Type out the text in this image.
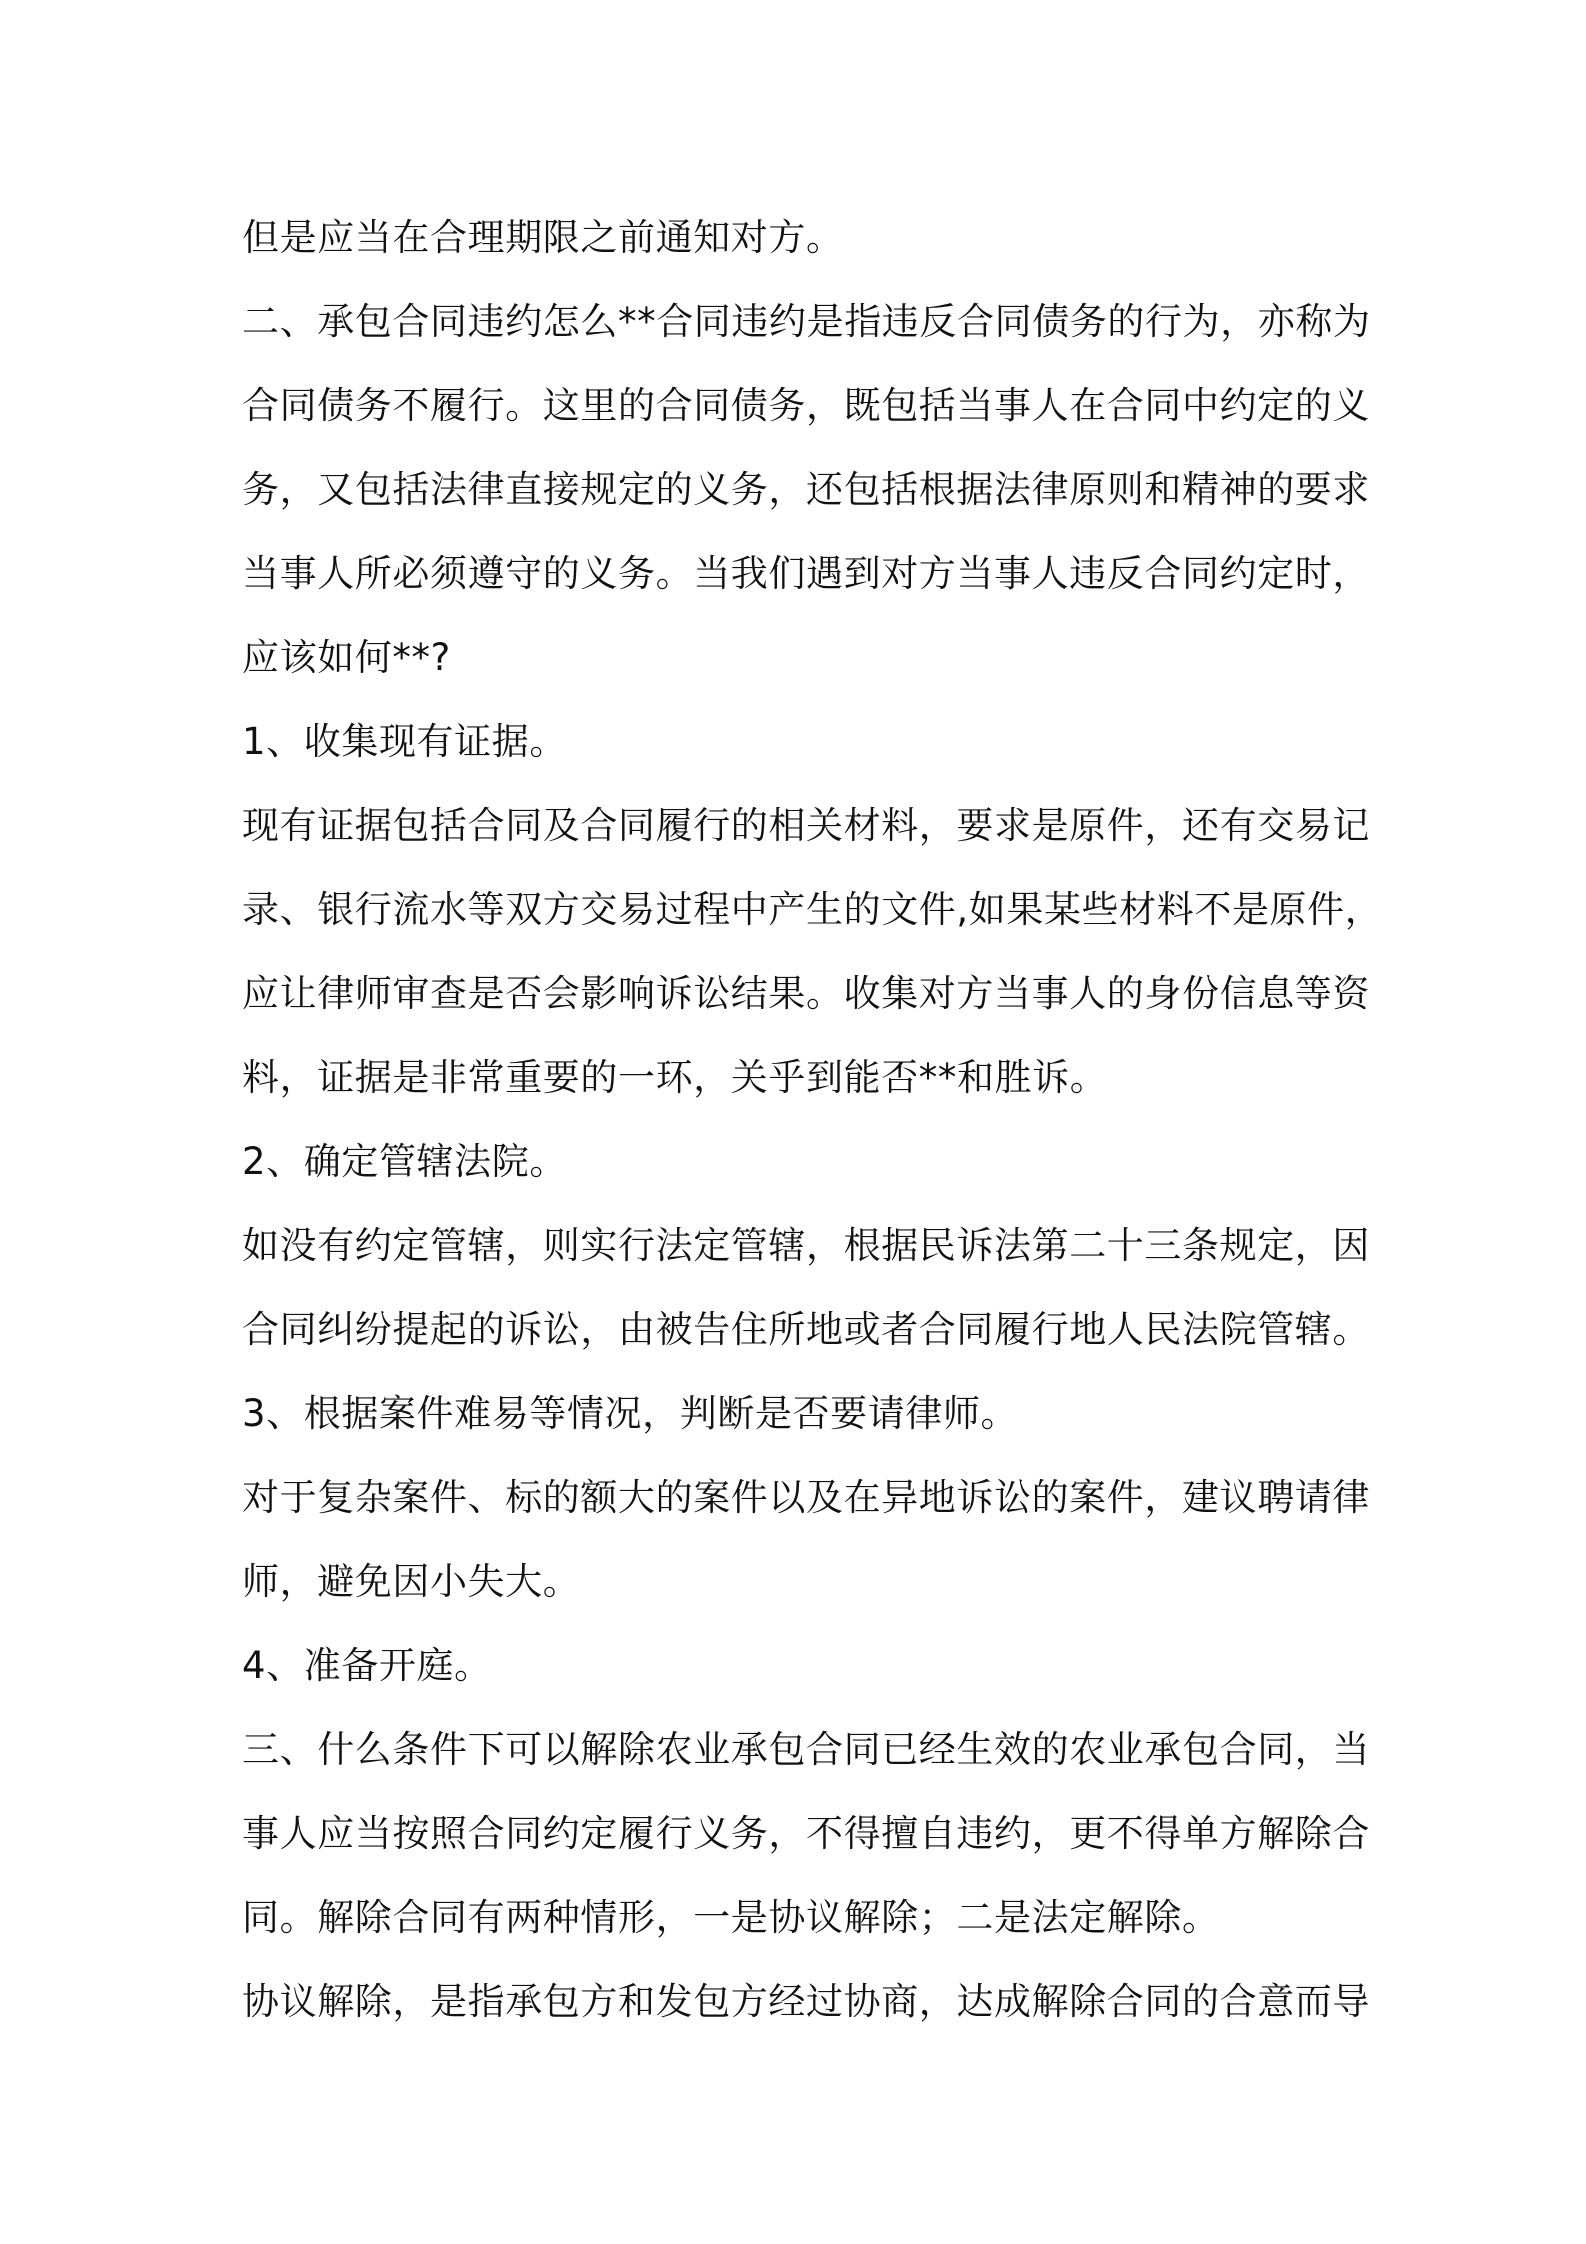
但是应当在合理期限之前通知对方。
二、承包合同违约怎么**合同违约是指违反合同债务的行为，亦称为
合同债务不履行。这里的合同债务，既包括当事人在合同中约定的义
务，又包括法律直接规定的义务，还包括根据法律原则和精神的要求
当事人所必须遵守的义务。当我们遇到对方当事人违反合同约定时，
应该如何**?
1、收集现有证据。
现有证据包括合同及合同履行的相关材料，要求是原件，还有交易记
录、银行流水等双方交易过程中产生的文件,如果某些材料不是原件，
应让律师审查是否会影响诉讼结果。收集对方当事人的身份信息等资
料，证据是非常重要的一环，关乎到能否**和胜诉。
2、确定管辖法院。
如没有约定管辖，则实行法定管辖，根据民诉法第二十三条规定，因
合同纠纷提起的诉讼，由被告住所地或者合同履行地人民法院管辖。
3、根据案件难易等情况，判断是否要请律师。
对于复杂案件、标的额大的案件以及在异地诉讼的案件，建议聘请律
师，避免因小失大。
4、准备开庭。
三、什么条件下可以解除农业承包合同已经生效的农业承包合同，当
事人应当按照合同约定履行义务，不得擅自违约，更不得单方解除合
同。解除合同有两种情形，一是协议解除；二是法定解除。
协议解除，是指承包方和发包方经过协商，达成解除合同的合意而导
